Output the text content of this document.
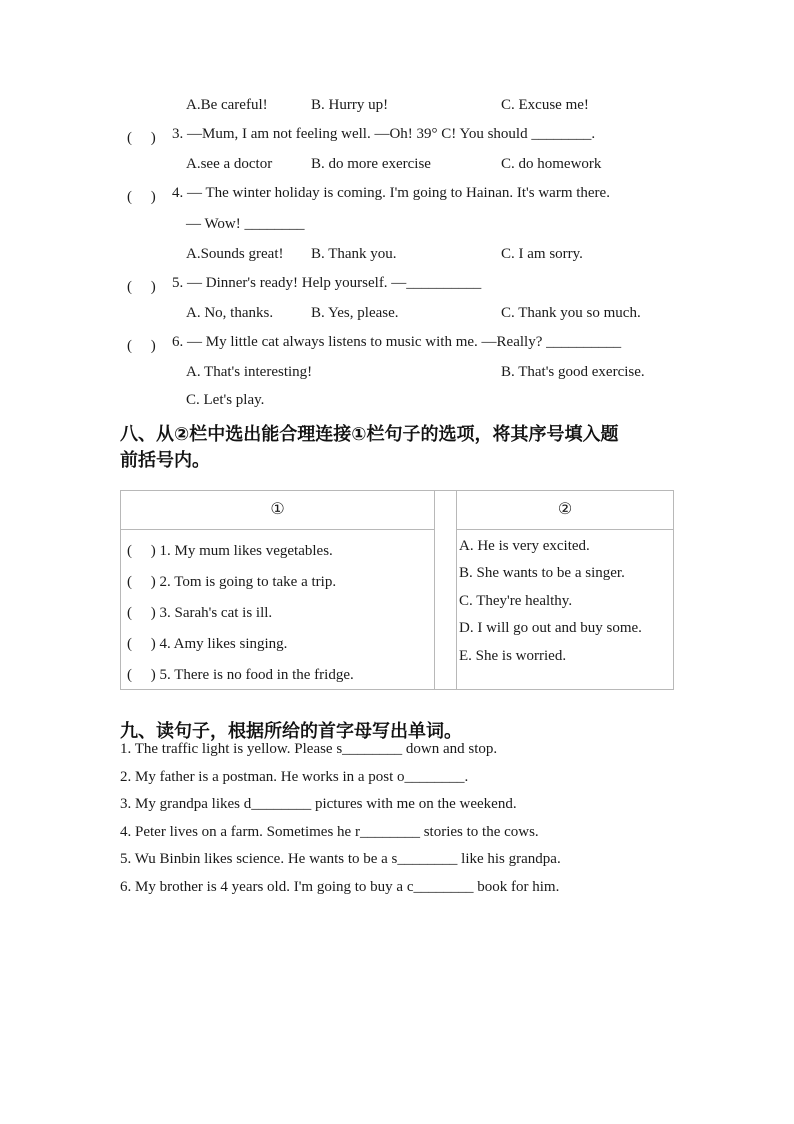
A.Be careful!	B. Hurry up!	C. Excuse me!
(　 ) 3. —Mum, I am not feeling well. —Oh! 39° C! You should ________.
A.see a doctor	B. do more exercise	C. do homework
(　 ) 4. — The winter holiday is coming. I'm going to Hainan. It's warm there.
— Wow! ________
A.Sounds great! B. Thank you.	C. I am sorry.
(　 ) 5. — Dinner's ready! Help yourself. —__________
A. No, thanks.	B. Yes, please.	C. Thank you so much.
(　 ) 6. — My little cat always listens to music with me. —Really? __________
A. That's interesting!	B. That's good exercise.
C. Let's play.
八、从②栏中选出能合理连接①栏句子的选项，将其序号填入题
前括号内。
①
(　 ) 1. My mum likes vegetables.
(　 ) 2. Tom is going to take a trip.
(　 ) 3. Sarah's cat is ill.
(　 ) 4. Amy likes singing.
(　 ) 5. There is no food in the fridge.
②
A. He is very excited.
B. She wants to be a singer.
C. They're healthy.
D. I will go out and buy some.
E. She is worried.
九、读句子，根据所给的首字母写出单词。
1. The traffic light is yellow. Please s________ down and stop.
2. My father is a postman. He works in a post o________.
3. My grandpa likes d________ pictures with me on the weekend.
4. Peter lives on a farm. Sometimes he r________ stories to the cows.
5. Wu Binbin likes science. He wants to be a s________ like his grandpa.
6. My brother is 4 years old. I'm going to buy a c________ book for him.
